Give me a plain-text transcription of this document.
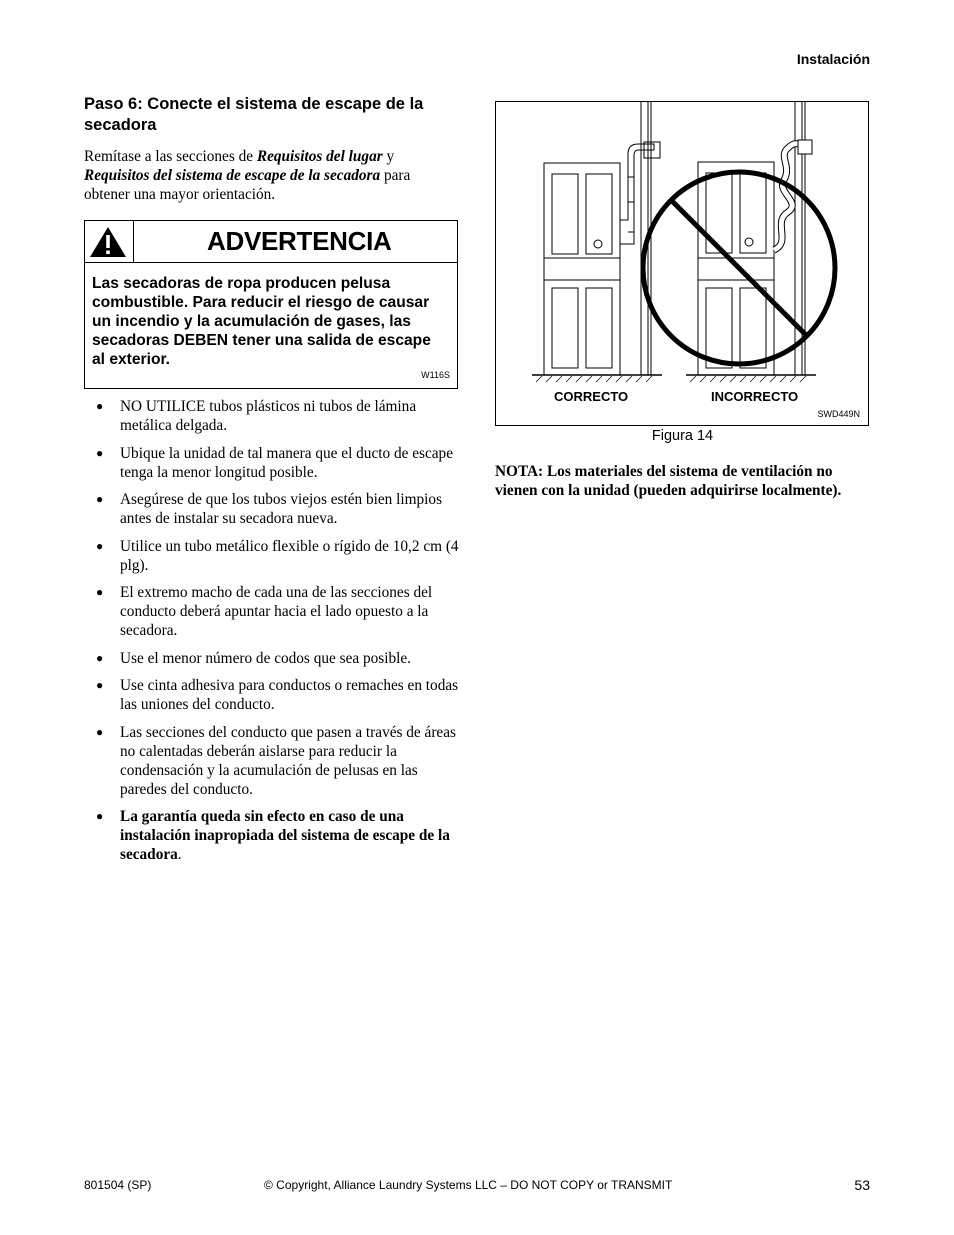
Instalación
Paso 6: Conecte el sistema de escape de la secadora
Remítase a las secciones de Requisitos del lugar y Requisitos del sistema de escape de la secadora para obtener una mayor orientación.
ADVERTENCIA
Las secadoras de ropa producen pelusa combustible. Para reducir el riesgo de causar un incendio y la acumulación de gases, las secadoras DEBEN tener una salida de escape al exterior.
W116S
● NO UTILICE tubos plásticos ni tubos de lámina metálica delgada.
● Ubique la unidad de tal manera que el ducto de escape tenga la menor longitud posible.
● Asegúrese de que los tubos viejos estén bien limpios antes de instalar su secadora nueva.
● Utilice un tubo metálico flexible o rígido de 10,2 cm (4 plg).
● El extremo macho de cada una de las secciones del conducto deberá apuntar hacia el lado opuesto a la secadora.
● Use el menor número de codos que sea posible.
● Use cinta adhesiva para conductos o remaches en todas las uniones del conducto.
● Las secciones del conducto que pasen a través de áreas no calentadas deberán aislarse para reducir la condensación y la acumulación de pelusas en las paredes del conducto.
● La garantía queda sin efecto en caso de una instalación inapropiada del sistema de escape de la secadora.
CORRECTO	INCORRECTO
SWD449N
Figura 14
NOTA: Los materiales del sistema de ventilación no vienen con la unidad (pueden adquirirse localmente).
801504 (SP)	© Copyright, Alliance Laundry Systems LLC – DO NOT COPY or TRANSMIT	53
